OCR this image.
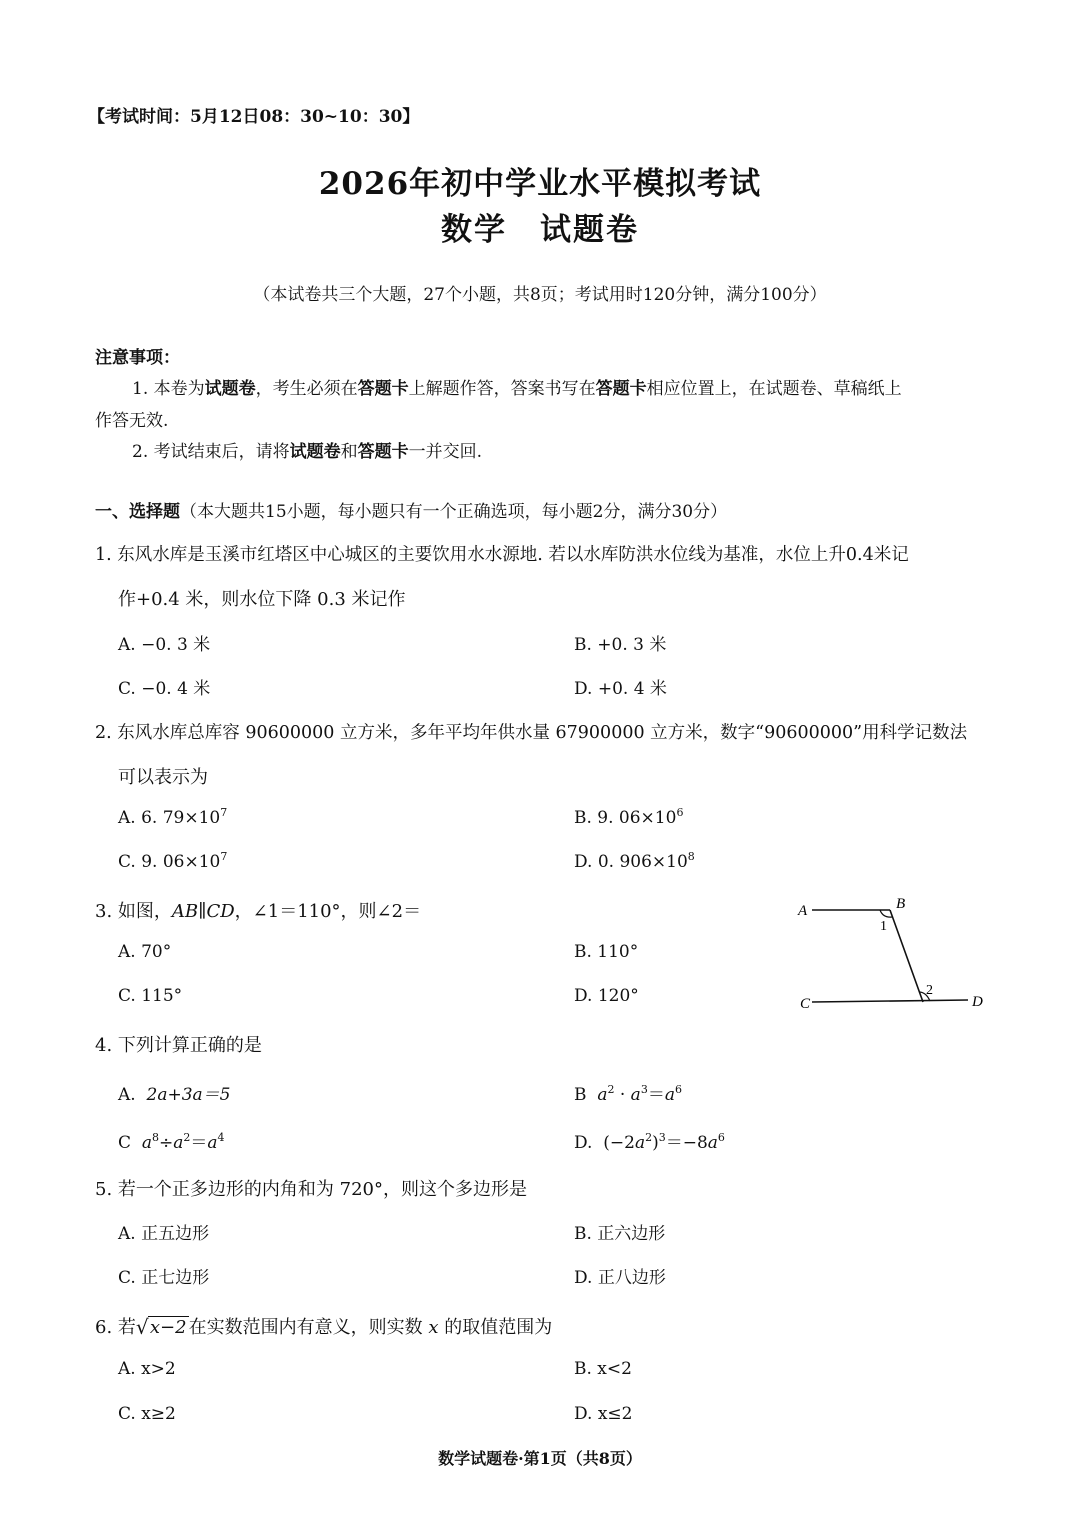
【考试时间：5月12日08：30~10：30】
2026年初中学业水平模拟考试
数学　试题卷
（本试卷共三个大题，27个小题，共8页；考试用时120分钟，满分100分）
注意事项：
1. 本卷为试题卷，考生必须在答题卡上解题作答，答案书写在答题卡相应位置上，在试题卷、草稿纸上
作答无效.
2. 考试结束后，请将试题卷和答题卡一并交回.
一、选择题（本大题共15小题，每小题只有一个正确选项，每小题2分，满分30分）
1. 东风水库是玉溪市红塔区中心城区的主要饮用水水源地. 若以水库防洪水位线为基准，水位上升0.4米记
作+0.4 米，则水位下降 0.3 米记作
A. −0. 3 米	B. +0. 3 米
C. −0. 4 米	D. +0. 4 米
2. 东风水库总库容 90600000 立方米，多年平均年供水量 67900000 立方米，数字“90600000”用科学记数法
可以表示为
A. 6. $79\times 10^7$	B. 9. $06\times 10^6$
C. 9. $06\times 10^7$	D. 0. $906\times 10^8$
3. 如图，AB∥CD，∠1＝110°，则∠2＝
A. 70°	B. 110°
C. 115°	D. 120°
A	B
C	D
1
2
4. 下列计算正确的是
A. 2a+3a＝5	B $a^2 \cdot a^3=a^6$
C $a^8\div a^2=a^4$	D.  $(-2a^2)^3=-8a^6$
5. 若一个正多边形的内角和为 720°，则这个多边形是
A. 正五边形	B. 正六边形
C. 正七边形	D. 正八边形
6. 若 √ x−2 在实数范围内有意义，则实数 x 的取值范围为
A. x>2	B. x<2
C. x≥2	D. x≤2
数学试题卷·第1页（共8页）
